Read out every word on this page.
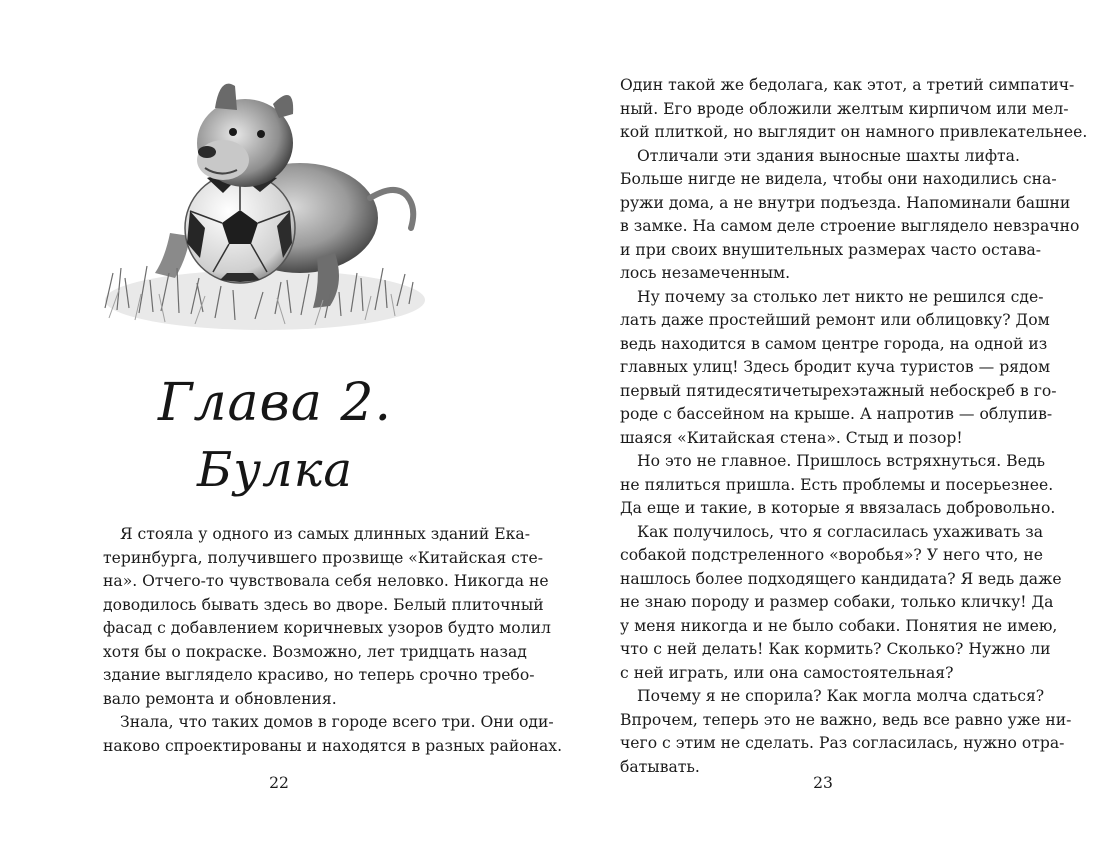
Глава 2.
Булка
Я стояла у одного из самых длинных зданий Ека-
теринбурга, получившего прозвище «Китайская сте-
на». Отчего-то чувствовала себя неловко. Никогда не
доводилось бывать здесь во дворе. Белый плиточный
фасад с добавлением коричневых узоров будто молил
хотя бы о покраске. Возможно, лет тридцать назад
здание выглядело красиво, но теперь срочно требо-
вало ремонта и обновления.
Знала, что таких домов в городе всего три. Они оди-
наково спроектированы и находятся в разных районах.
22
Один такой же бедолага, как этот, а третий симпатич-
ный. Его вроде обложили желтым кирпичом или мел-
кой плиткой, но выглядит он намного привлекательнее.
Отличали эти здания выносные шахты лифта.
Больше нигде не видела, чтобы они находились сна-
ружи дома, а не внутри подъезда. Напоминали башни
в замке. На самом деле строение выглядело невзрачно
и при своих внушительных размерах часто оставa-
лось незамеченным.
Ну почему за столько лет никто не решился сде-
лать даже простейший ремонт или облицовку? Дом
ведь находится в самом центре города, на одной из
главных улиц! Здесь бродит куча туристов — рядом
первый пятидесятичетырехэтажный небоскреб в го-
роде с бассейном на крыше. А напротив — облупив-
шаяся «Китайская стена». Стыд и позор!
Но это не главное. Пришлось встряхнуться. Ведь
не пялиться пришла. Есть проблемы и посерьезнее.
Да еще и такие, в которые я ввязалась добровольно.
Как получилось, что я согласилась ухаживать за
собакой подстреленного «воробья»? У него что, не
нашлось более подходящего кандидата? Я ведь даже
не знаю породу и размер собаки, только кличку! Да
у меня никогда и не было собаки. Понятия не имею,
что с ней делать! Как кормить? Сколько? Нужно ли
с ней играть, или она самостоятельная?
Почему я не спорила? Как могла молча сдаться?
Впрочем, теперь это не важно, ведь все равно уже ни-
чего с этим не сделать. Раз согласилась, нужно отра-
батывать.
23
